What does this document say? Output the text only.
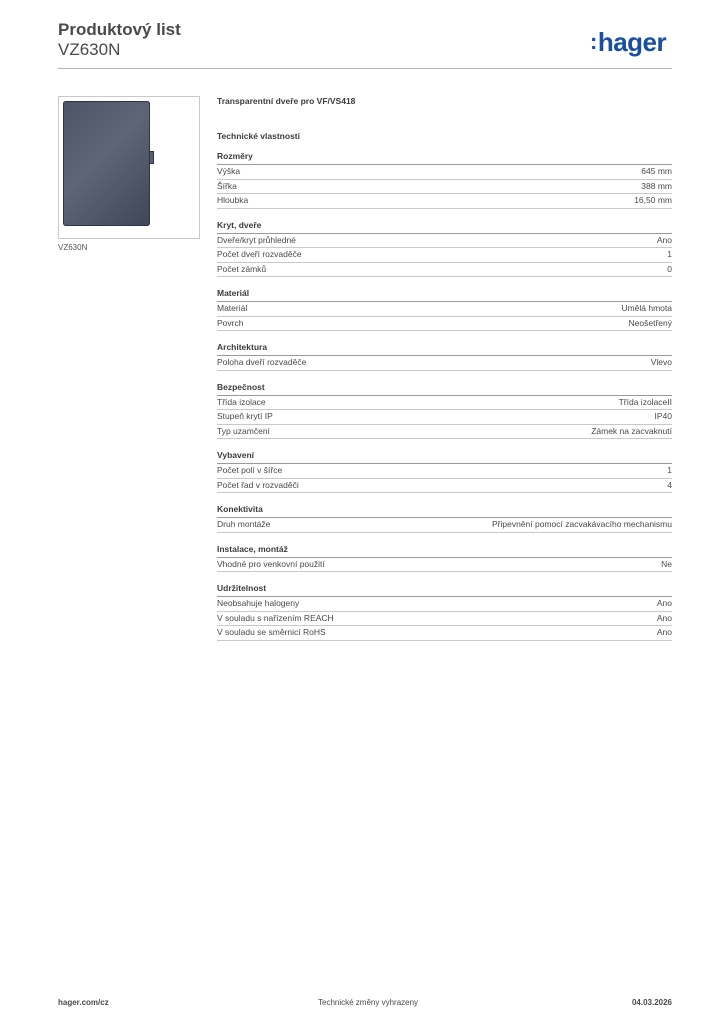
Produktový list
VZ630N	:hager
VZ630N
Transparentní dveře pro VF/VS418
Technické vlastnosti
Rozměry
Výška	645 mm
Šířka	388 mm
Hloubka	16,50 mm
Kryt, dveře
Dveře/kryt průhledné	Ano
Počet dveří rozvaděče	1
Počet zámků	0
Materiál
Materiál	Umělá hmota
Povrch	Neošetřený
Architektura
Poloha dveří rozvaděče	Vlevo
Bezpečnost
Třída izolace	Třída izolaceII
Stupeň krytí IP	IP40
Typ uzamčení	Zámek na zacvaknutí
Vybavení
Počet polí v šířce	1
Počet řad v rozvaděči	4
Konektivita
Druh montáže	Připevnění pomocí zacvakávacího mechanismu
Instalace, montáž
Vhodné pro venkovní použití	Ne
Udržitelnost
Neobsahuje halogeny	Ano
V souladu s nařízením REACH	Ano
V souladu se směrnicí RoHS	Ano
hager.com/cz	Technické změny vyhrazeny	04.03.2026
